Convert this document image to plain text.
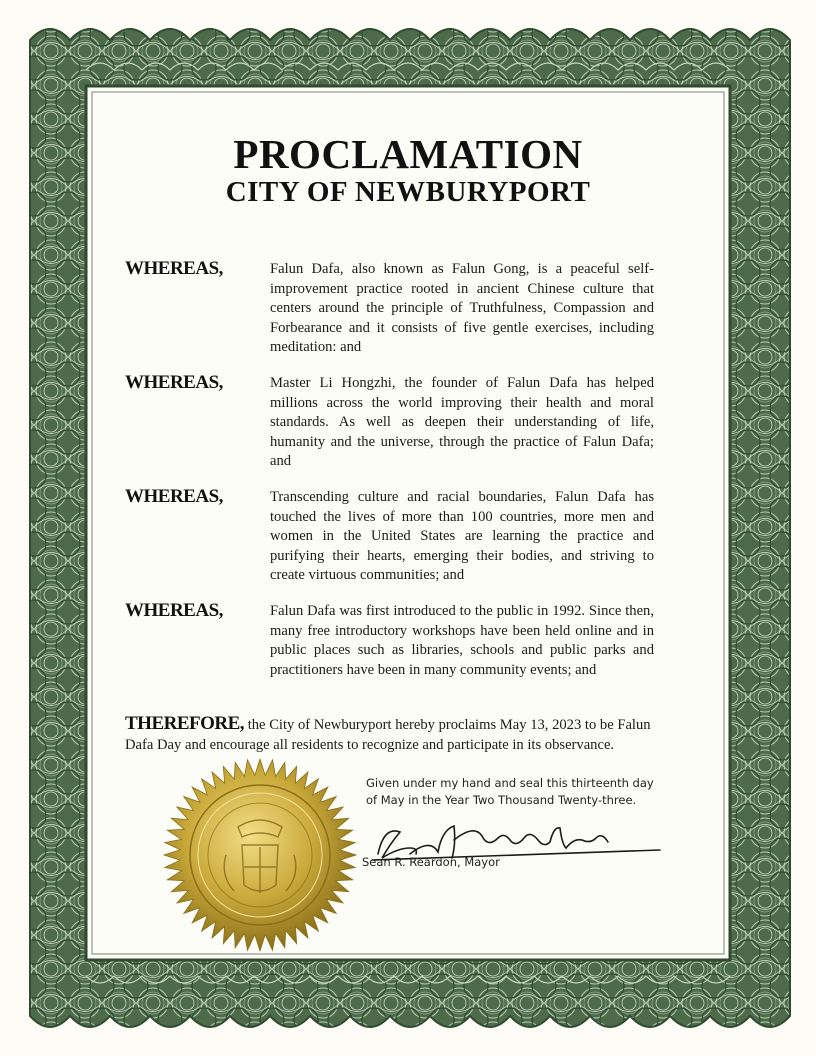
PROCLAMATION
CITY OF NEWBURYPORT
WHEREAS,	Falun Dafa, also known as Falun Gong, is a peaceful self-improvement practice rooted in ancient Chinese culture that centers around the principle of Truthfulness, Compassion and Forbearance and it consists of five gentle exercises, including meditation: and
WHEREAS,	Master Li Hongzhi, the founder of Falun Dafa has helped millions across the world improving their health and moral standards. As well as deepen their understanding of life, humanity and the universe, through the practice of Falun Dafa; and
WHEREAS,	Transcending culture and racial boundaries, Falun Dafa has touched the lives of more than 100 countries, more men and women in the United States are learning the practice and purifying their hearts, emerging their bodies, and striving to create virtuous communities; and
WHEREAS,	Falun Dafa was first introduced to the public in 1992. Since then, many free introductory workshops have been held online and in public places such as libraries, schools and public parks and practitioners have been in many community events; and
THEREFORE, the City of Newburyport hereby proclaims May 13, 2023 to be Falun Dafa Day and encourage all residents to recognize and participate in its observance.
Given under my hand and seal this thirteenth day
of May in the Year Two Thousand Twenty-three.
Sean R. Reardon, Mayor
